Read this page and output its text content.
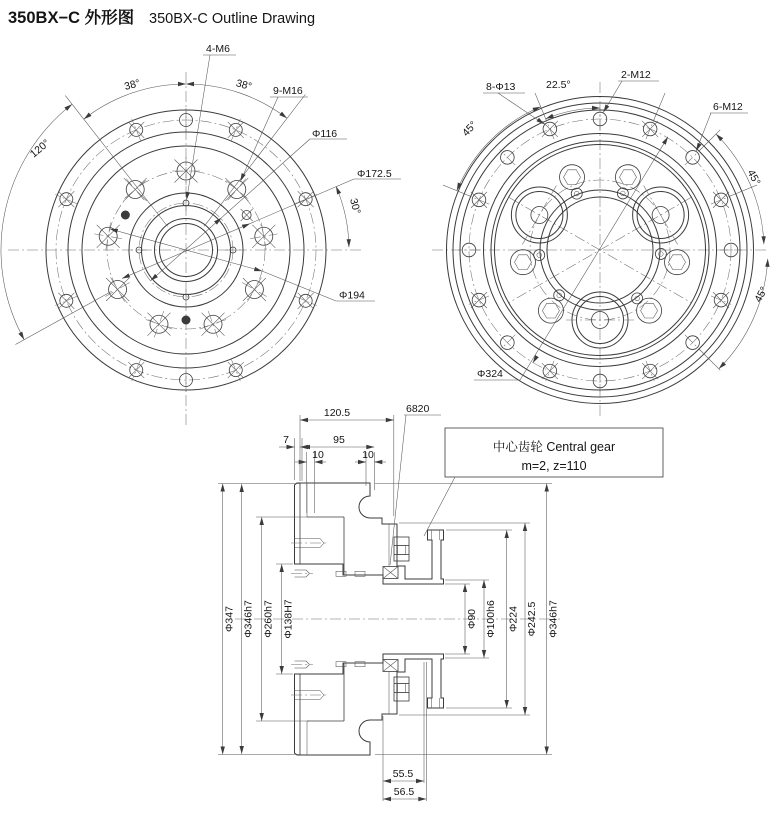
350BX−C 外形图 350BX-C Outline Drawing
4-M6
38°	38° 9-M16
Φ116
Φ172.5
30°
120°
Φ194
8-Φ13	22.5°
2-M12
6-M12
45°
45°
45°
Φ324
120.5
7	95
10	10
6820
中心齿轮 Central gear
m=2, z=110
Φ347 Φ346h7 Φ260h7 Φ138H7	Φ90 Φ100h6 Φ224 Φ242.5 Φ346h7
55.5
56.5
